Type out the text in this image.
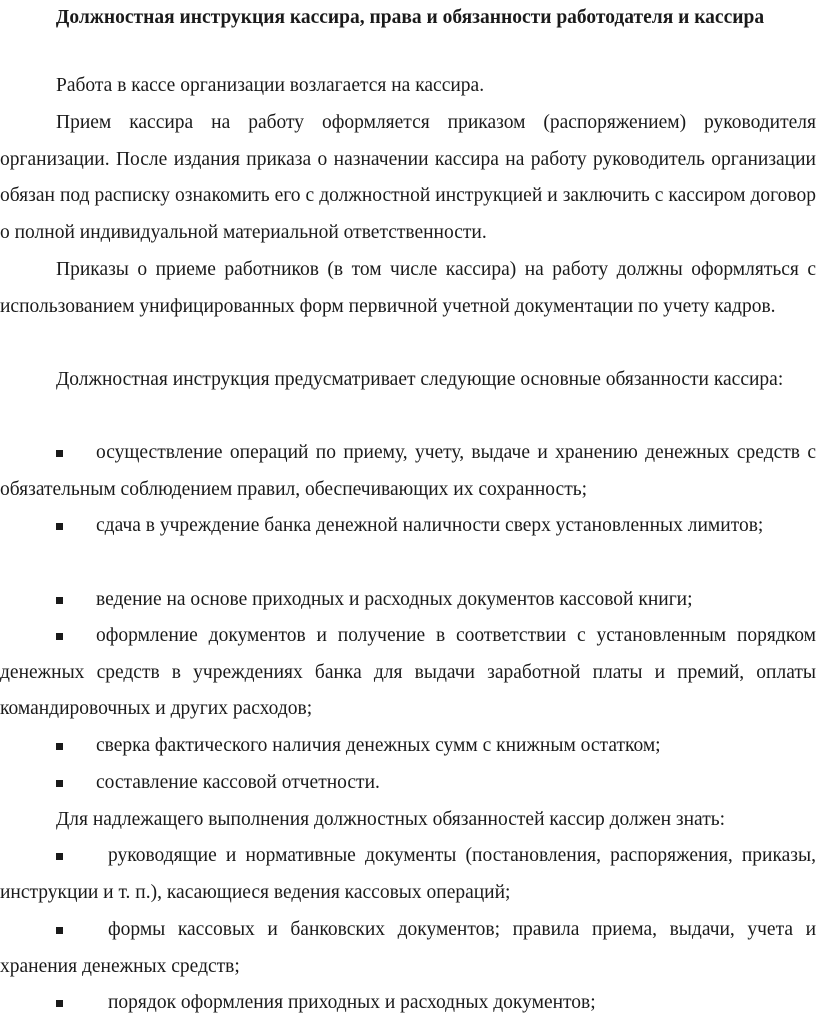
Должностная инструкция кассира, права и обязанности работодателя и кассира
Работа в кассе организации возлагается на кассира.
Прием кассира на работу оформляется приказом (распоряжением) руководителя организации. После издания приказа о назначении кассира на работу руководитель организации обязан под расписку ознакомить его с должностной инструкцией и заключить с кассиром договор о полной индивидуальной материальной ответственности.
Приказы о приеме работников (в том числе кассира) на работу должны оформляться с использованием унифицированных форм первичной учетной документации по учету кадров.
Должностная инструкция предусматривает следующие основные обязанности кассира:
осуществление операций по приему, учету, выдаче и хранению денежных средств с обязательным соблюдением правил, обеспечивающих их сохранность;
сдача в учреждение банка денежной наличности сверх установленных лимитов;
ведение на основе приходных и расходных документов кассовой книги;
оформление документов и получение в соответствии с установленным порядком денежных средств в учреждениях банка для выдачи заработной платы и премий, оплаты командировочных и других расходов;
сверка фактического наличия денежных сумм с книжным остатком;
составление кассовой отчетности.
Для надлежащего выполнения должностных обязанностей кассир должен знать:
руководящие и нормативные документы (постановления, распоряжения, приказы, инструкции и т. п.), касающиеся ведения кассовых операций;
формы кассовых и банковских документов; правила приема, выдачи, учета и хранения денежных средств;
порядок оформления приходных и расходных документов;
